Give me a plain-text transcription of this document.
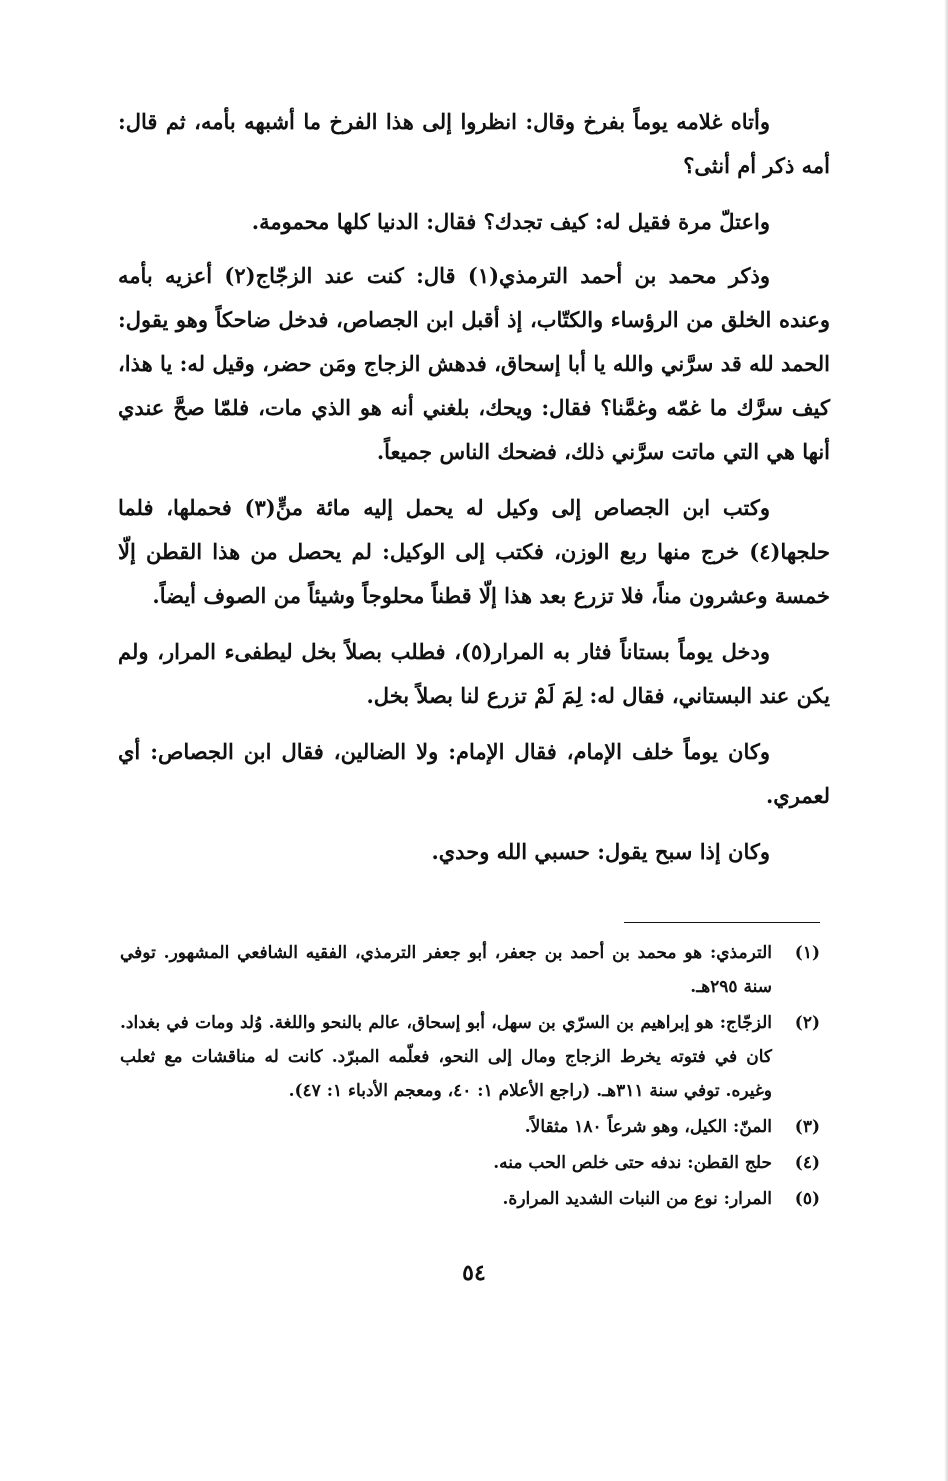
وأتاه غلامه يوماً بفرخ وقال: انظروا إلى هذا الفرخ ما أشبهه بأمه، ثم قال: أمه ذكر أم أنثى؟

واعتلّ مرة فقيل له: كيف تجدك؟ فقال: الدنيا كلها محمومة.

وذكر محمد بن أحمد الترمذي(١) قال: كنت عند الزجّاج(٢) أعزيه بأمه وعنده الخلق من الرؤساء والكتّاب، إذ أقبل ابن الجصاص، فدخل ضاحكاً وهو يقول: الحمد لله قد سرَّني والله يا أبا إسحاق، فدهش الزجاج ومَن حضر، وقيل له: يا هذا، كيف سرَّك ما غمّه وغمَّنا؟ فقال: ويحك، بلغني أنه هو الذي مات، فلمّا صحَّ عندي أنها هي التي ماتت سرَّني ذلك، فضحك الناس جميعاً.

وكتب ابن الجصاص إلى وكيل له يحمل إليه مائة منٍّ(٣) فحملها، فلما حلجها(٤) خرج منها ربع الوزن، فكتب إلى الوكيل: لم يحصل من هذا القطن إلّا خمسة وعشرون مناً، فلا تزرع بعد هذا إلّا قطناً محلوجاً وشيئاً من الصوف أيضاً.

ودخل يوماً بستاناً فثار به المرار(٥)، فطلب بصلاً بخل ليطفىء المرار، ولم يكن عند البستاني، فقال له: لِمَ لَمْ تزرع لنا بصلاً بخل.

وكان يوماً خلف الإمام، فقال الإمام: ولا الضالين، فقال ابن الجصاص: أي لعمري.

وكان إذا سبح يقول: حسبي الله وحدي.

(١)
الترمذي: هو محمد بن أحمد بن جعفر، أبو جعفر الترمذي، الفقيه الشافعي المشهور. توفي سنة ٢٩٥هـ.
(٢)
الزجّاج: هو إبراهيم بن السرّي بن سهل، أبو إسحاق، عالم بالنحو واللغة. وُلد ومات في بغداد. كان في فتوته يخرط الزجاج ومال إلى النحو، فعلّمه المبرّد. كانت له مناقشات مع ثعلب وغيره. توفي سنة ٣١١هـ. (راجع الأعلام ١: ٤٠، ومعجم الأدباء ١: ٤٧).
(٣)
المنّ: الكيل، وهو شرعاً ١٨٠ مثقالاً.
(٤)
حلج القطن: ندفه حتى خلص الحب منه.
(٥)
المرار: نوع من النبات الشديد المرارة.
٥٤
